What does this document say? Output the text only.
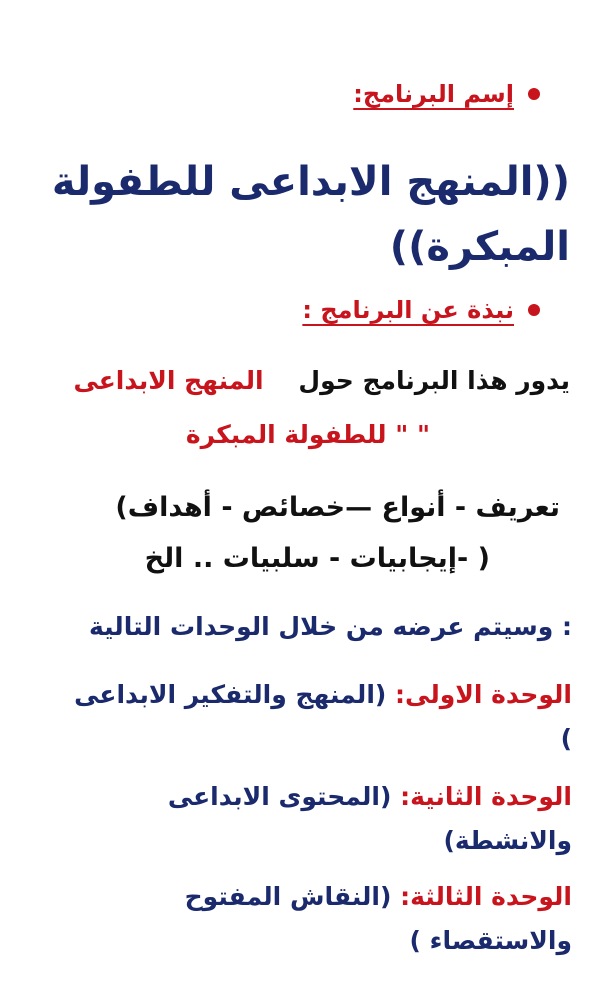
إسم البرنامج:
((المنهج الابداعى للطفولة
المبكرة))
نبذة عن البرنامج :
يدور هذا البرنامج حول    المنهج الابداعى
" " للطفولة المبكرة
تعريف - أنواع —خصائص - أهداف)
( -إيجابيات - سلبيات .. الخ
: وسيتم عرضه من خلال الوحدات التالية
الوحدة الاولى: (المنهج والتفكير الابداعى
)
الوحدة الثانية: (المحتوى الابداعى
والانشطة)
الوحدة الثالثة: (النقاش المفتوح
والاستقصاء )
